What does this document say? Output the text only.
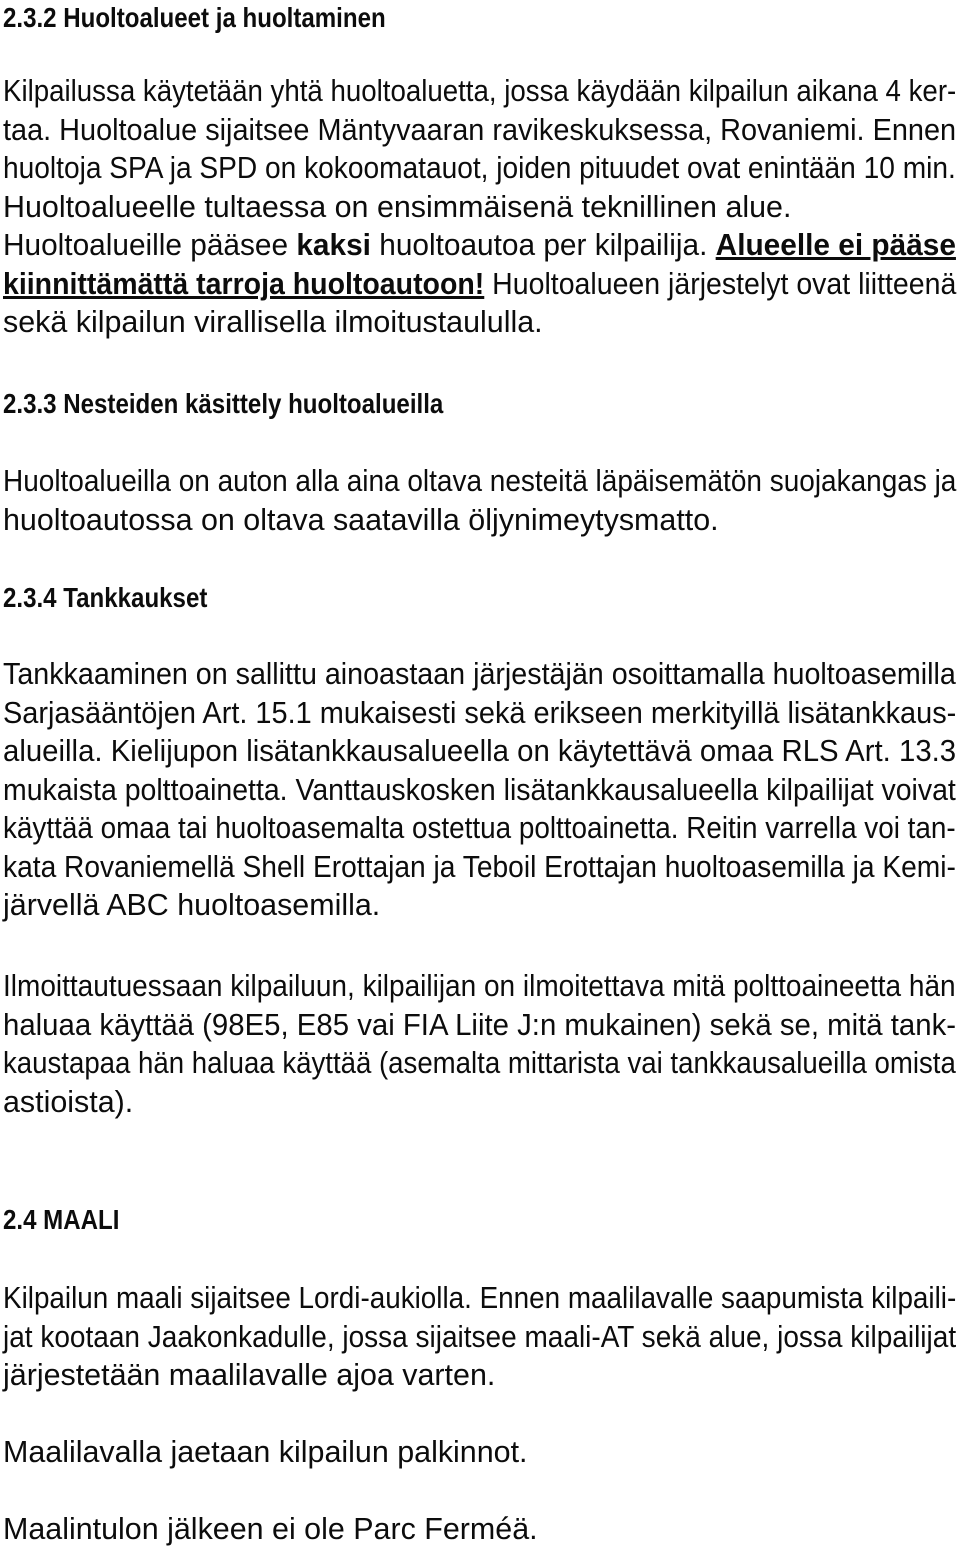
2.3.2 Huoltoalueet ja huoltaminen
Kilpailussa käytetään yhtä huoltoaluetta, jossa käydään kilpailun aikana 4 ker-
taa. Huoltoalue sijaitsee Mäntyvaaran ravikeskuksessa, Rovaniemi. Ennen
huoltoja SPA ja SPD on kokoomatauot, joiden pituudet ovat enintään 10 min.
Huoltoalueelle tultaessa on ensimmäisenä teknillinen alue.
Huoltoalueille pääsee kaksi huoltoautoa per kilpailija. Alueelle ei pääse
kiinnittämättä tarroja huoltoautoon! Huoltoalueen järjestelyt ovat liitteenä
sekä kilpailun virallisella ilmoitustaululla.
2.3.3 Nesteiden käsittely huoltoalueilla
Huoltoalueilla on auton alla aina oltava nesteitä läpäisemätön suojakangas ja
huoltoautossa on oltava saatavilla öljynimeytysmatto.
2.3.4 Tankkaukset
Tankkaaminen on sallittu ainoastaan järjestäjän osoittamalla huoltoasemilla
Sarjasääntöjen Art. 15.1 mukaisesti sekä erikseen merkityillä lisätankkaus-
alueilla. Kielijupon lisätankkausalueella on käytettävä omaa RLS Art. 13.3
mukaista polttoainetta. Vanttauskosken lisätankkausalueella kilpailijat voivat
käyttää omaa tai huoltoasemalta ostettua polttoainetta. Reitin varrella voi tan-
kata Rovaniemellä Shell Erottajan ja Teboil Erottajan huoltoasemilla ja Kemi-
järvellä ABC huoltoasemilla.
Ilmoittautuessaan kilpailuun, kilpailijan on ilmoitettava mitä polttoaineetta hän
haluaa käyttää (98E5, E85 vai FIA Liite J:n mukainen) sekä se, mitä tank-
kaustapaa hän haluaa käyttää (asemalta mittarista vai tankkausalueilla omista
astioista).
2.4 MAALI
Kilpailun maali sijaitsee Lordi-aukiolla. Ennen maalilavalle saapumista kilpaili-
jat kootaan Jaakonkadulle, jossa sijaitsee maali-AT sekä alue, jossa kilpailijat
järjestetään maalilavalle ajoa varten.
Maalilavalla jaetaan kilpailun palkinnot.
Maalintulon jälkeen ei ole Parc Ferméä.
